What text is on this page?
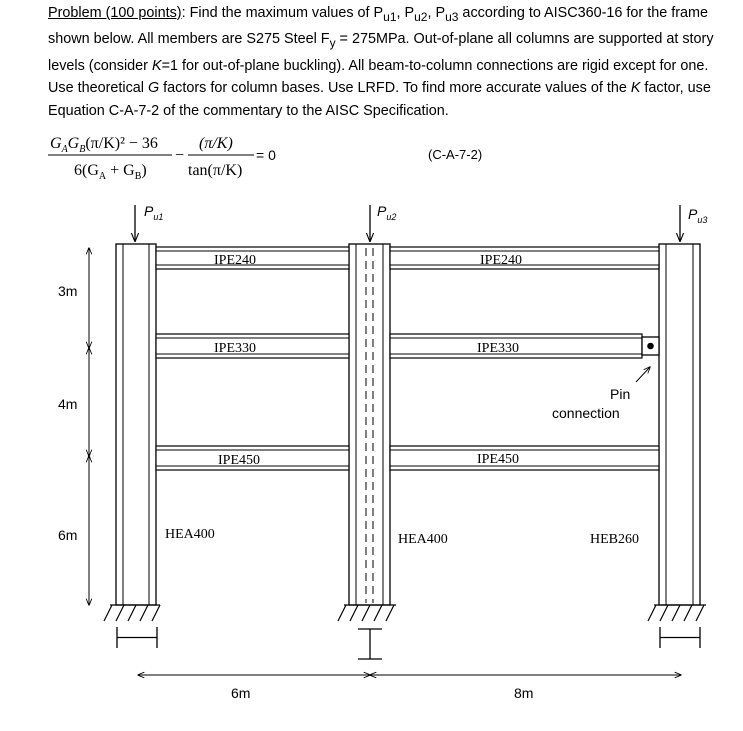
Problem (100 points): Find the maximum values of $P_{u1}$, $P_{u2}$, $P_{u3}$ according to AISC360-16 for the frame
shown below. All members are S275 Steel $F_y = 275MPa$. Out-of-plane all columns are supported at story
levels (consider K=1 for out-of-plane buckling). All beam-to-column connections are rigid except for one.
Use theoretical G factors for column bases. Use LRFD. To find more accurate values of the K factor, use
Equation C-A-7-2 of the commentary to the AISC Specification.

$G_AG_B(\pi/K)^2 - 36$
$6(G_A + G_B)$
−
(π/K)
tan(π/K)
= 0	(C-A-7-2)
$P_{u1}$	$P_{u2}$	$P_{u3}$
Pin
connection
IPE240	IPE240
IPE330	IPE330
IPE450	IPE450
HEA400	HEA400	HEB260
3m
4m
6m
6m	8m
